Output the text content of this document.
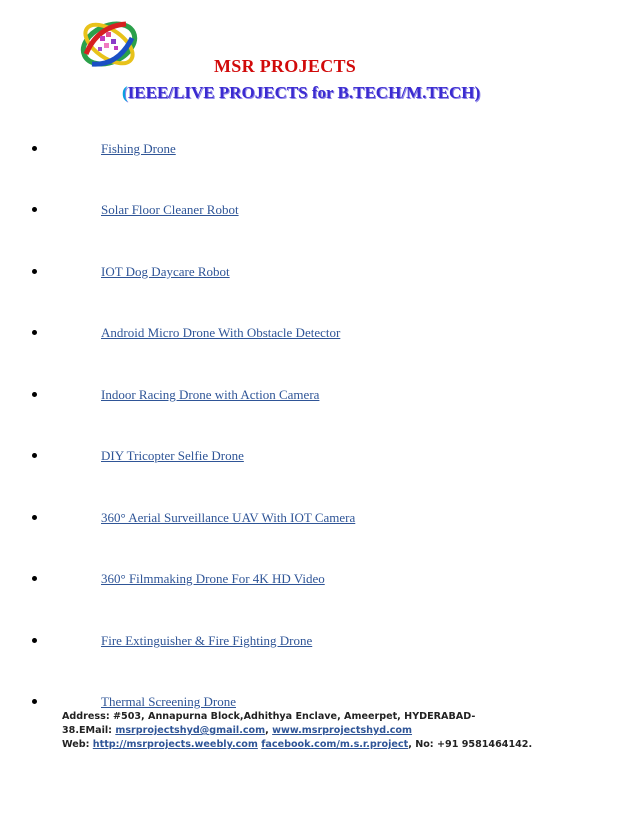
MSR PROJECTS
(IEEE/LIVE PROJECTS for B.TECH/M.TECH)
Fishing Drone
Solar Floor Cleaner Robot
IOT Dog Daycare Robot
Android Micro Drone With Obstacle Detector
Indoor Racing Drone with Action Camera
DIY Tricopter Selfie Drone
360° Aerial Surveillance UAV With IOT Camera
360° Filmmaking Drone For 4K HD Video
Fire Extinguisher & Fire Fighting Drone
Thermal Screening Drone
Address: #503, Annapurna Block,Adhithya Enclave, Ameerpet, HYDERABAD-
38.EMail: msrprojectshyd@gmail.com, www.msrprojectshyd.com
Web: http://msrprojects.weebly.com facebook.com/m.s.r.project, No: +91 9581464142.
